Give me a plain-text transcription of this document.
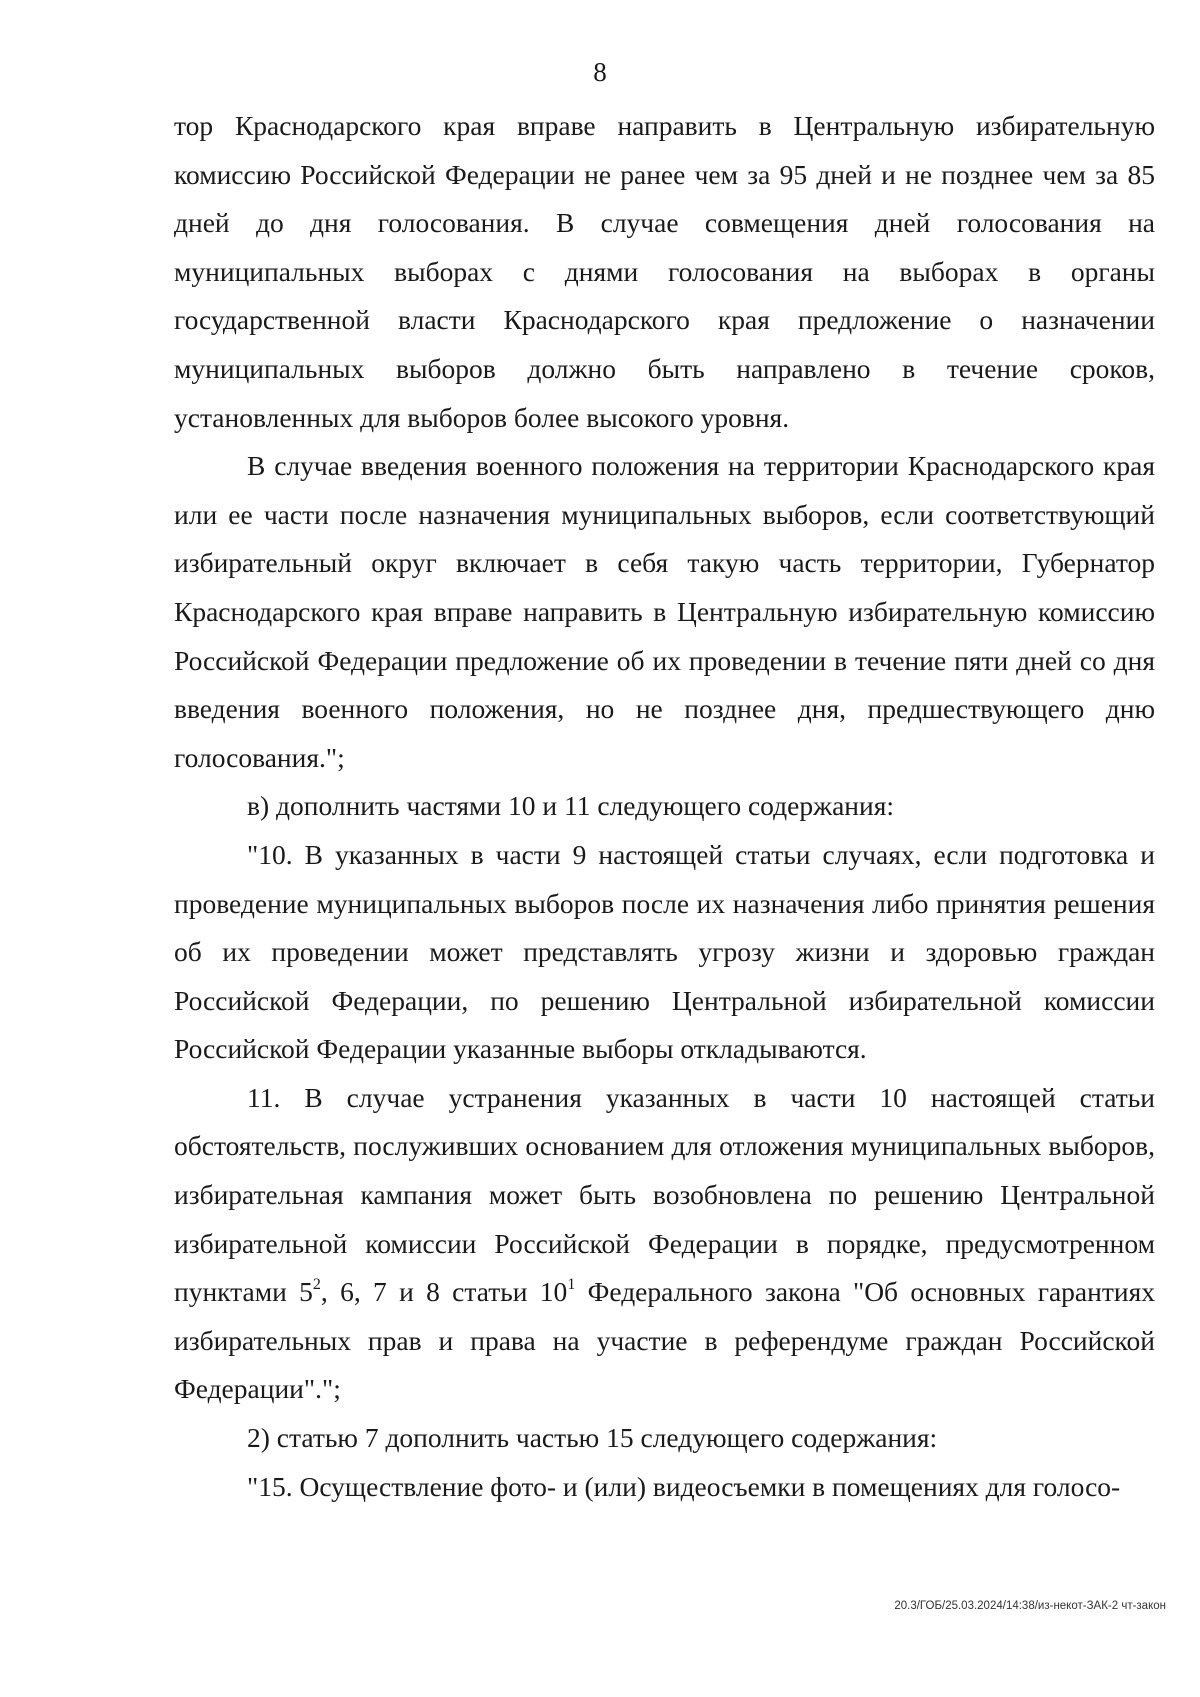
8

тор Краснодарского края вправе направить в Центральную избирательную комиссию Российской Федерации не ранее чем за 95 дней и не позднее чем за 85 дней до дня голосования. В случае совмещения дней голосования на муниципальных выборах с днями голосования на выборах в органы государственной власти Краснодарского края предложение о назначении муниципальных выборов должно быть направлено в течение сроков, установленных для выборов более высокого уровня.

В случае введения военного положения на территории Краснодарского края или ее части после назначения муниципальных выборов, если соответствующий избирательный округ включает в себя такую часть территории, Губернатор Краснодарского края вправе направить в Центральную избирательную комиссию Российской Федерации предложение об их проведении в течение пяти дней со дня введения военного положения, но не позднее дня, предшествующего дню голосования.";

в) дополнить частями 10 и 11 следующего содержания:

"10. В указанных в части 9 настоящей статьи случаях, если подготовка и проведение муниципальных выборов после их назначения либо принятия решения об их проведении может представлять угрозу жизни и здоровью граждан Российской Федерации, по решению Центральной избирательной комиссии Российской Федерации указанные выборы откладываются.

11. В случае устранения указанных в части 10 настоящей статьи обстоятельств, послуживших основанием для отложения муниципальных выборов, избирательная кампания может быть возобновлена по решению Центральной избирательной комиссии Российской Федерации в порядке, предусмотренном пунктами $5^2$, 6, 7 и 8 статьи $10^1$ Федерального закона "Об основных гарантиях избирательных прав и права на участие в референдуме граждан Российской Федерации".";

2) статью 7 дополнить частью 15 следующего содержания:

"15. Осуществление фото- и (или) видеосъемки в помещениях для голосо-

20.3/ГОБ/25.03.2024/14:38/из-некот-ЗАК-2 чт-закон
